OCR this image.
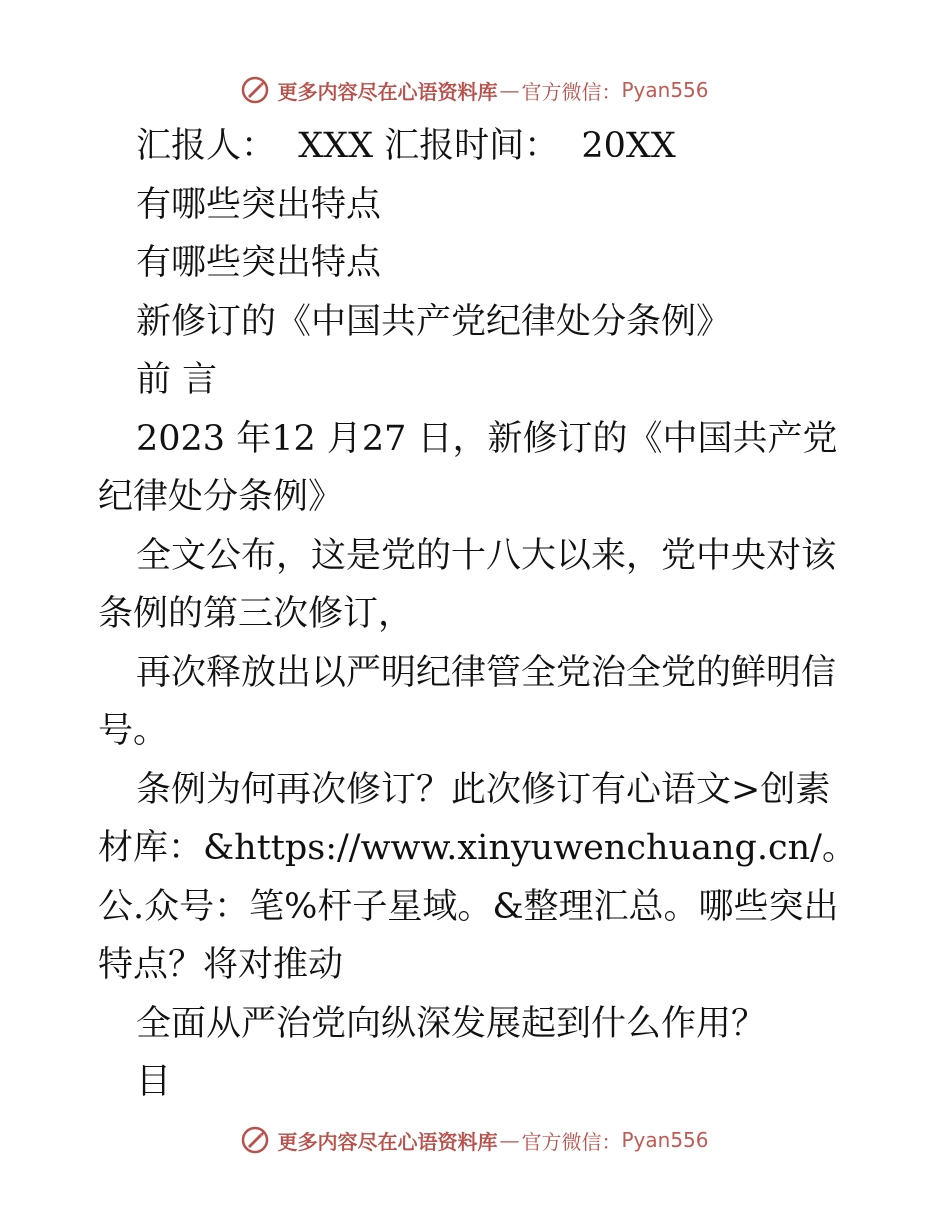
更多内容尽在心语资料库 — 官方微信： Pyan556

汇报人：  XXX 汇报时间：  20XX

有哪些突出特点

有哪些突出特点

新修订的《中国共产党纪律处分条例》

前 言

2023 年12 月27 日，新修订的《中国共产党纪律处分条例》

全文公布，这是党的十八大以来，党中央对该条例的第三次修订，

再次释放出以严明纪律管全党治全党的鲜明信号。

条例为何再次修订？此次修订有心语文>创素材库：&https://www.xinyuwenchuang.cn/。公.众号：笔%杆子星域。&整理汇总。哪些突出特点？将对推动

全面从严治党向纵深发展起到什么作用？

目

更多内容尽在心语资料库 — 官方微信： Pyan556
